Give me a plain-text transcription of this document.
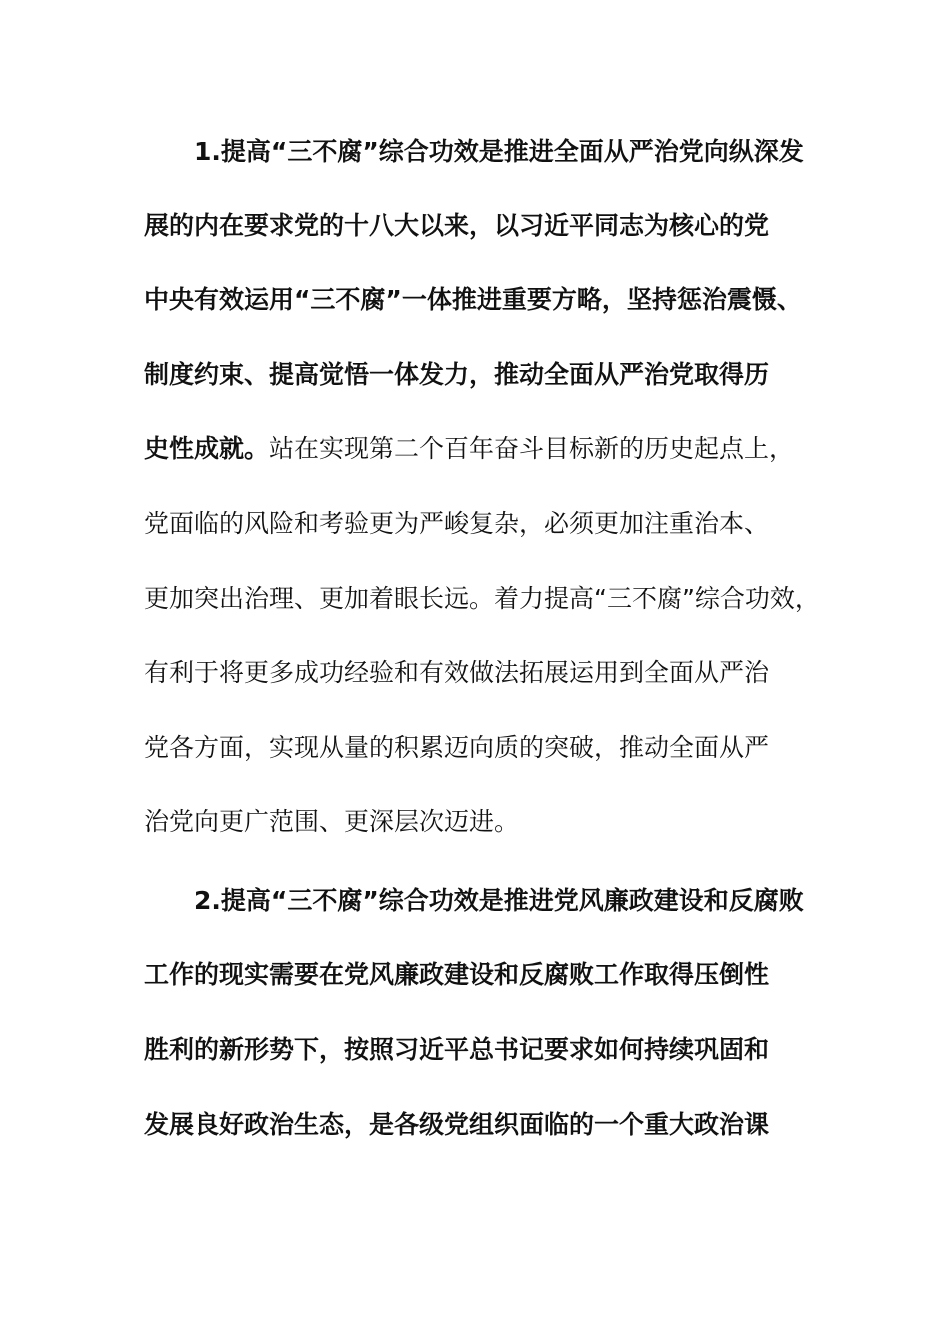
1.提高“三不腐”综合功效是推进全面从严治党向纵深发
展的内在要求党的十八大以来，以习近平同志为核心的党
中央有效运用“三不腐”一体推进重要方略，坚持惩治震慑、
制度约束、提高觉悟一体发力，推动全面从严治党取得历
史性成就。站在实现第二个百年奋斗目标新的历史起点上，
党面临的风险和考验更为严峻复杂，必须更加注重治本、
更加突出治理、更加着眼长远。着力提高“三不腐”综合功效，
有利于将更多成功经验和有效做法拓展运用到全面从严治
党各方面，实现从量的积累迈向质的突破，推动全面从严
治党向更广范围、更深层次迈进。
2.提高“三不腐”综合功效是推进党风廉政建设和反腐败
工作的现实需要在党风廉政建设和反腐败工作取得压倒性
胜利的新形势下，按照习近平总书记要求如何持续巩固和
发展良好政治生态，是各级党组织面临的一个重大政治课
